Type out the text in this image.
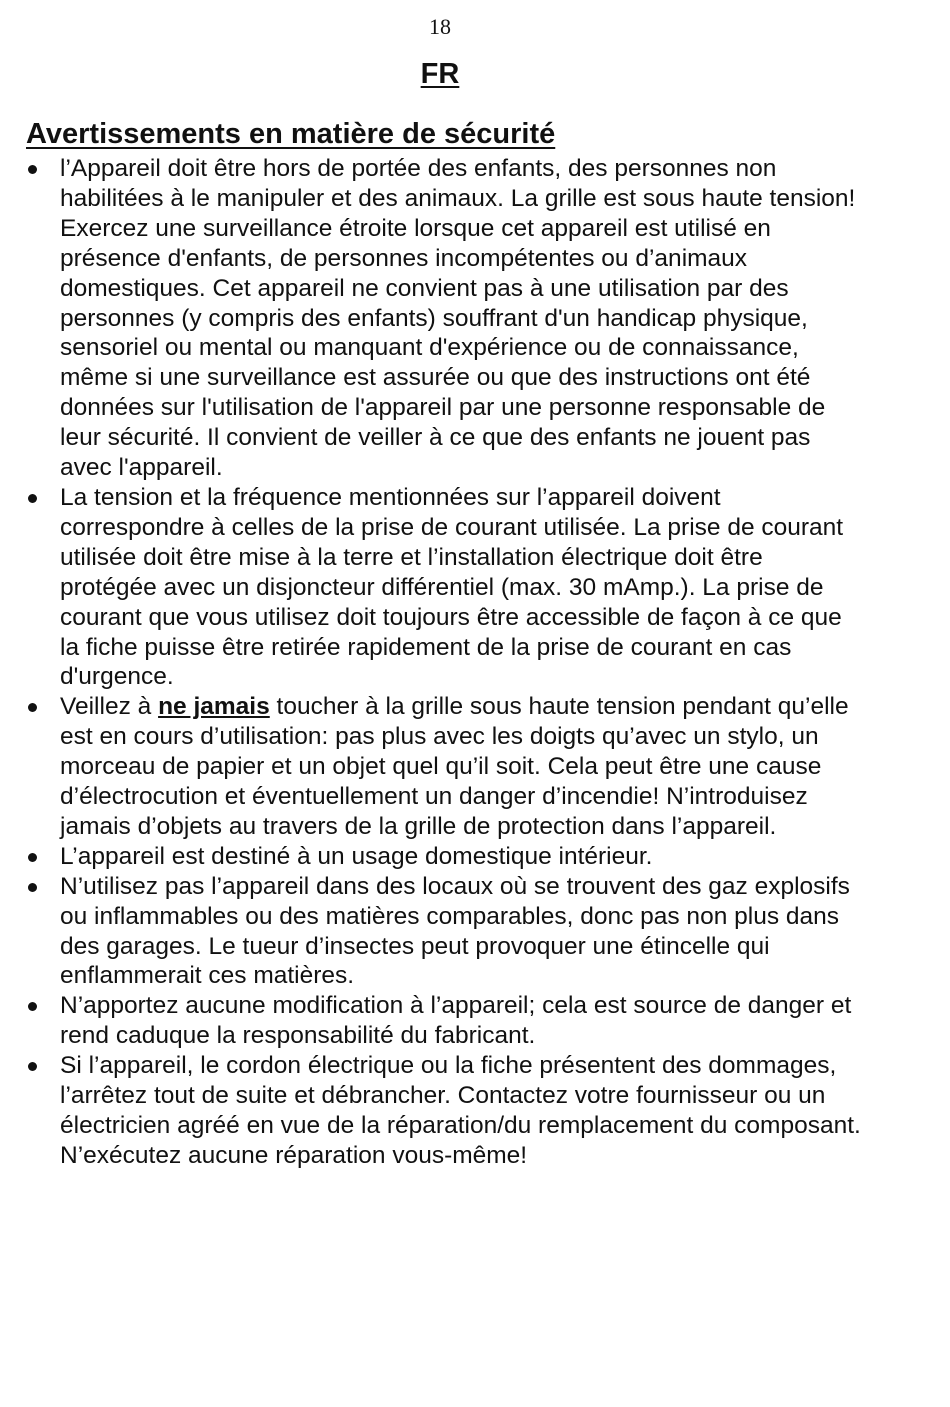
18
FR
Avertissements en matière de sécurité
l’Appareil doit être hors de portée des enfants, des personnes non habilitées à le manipuler et des animaux. La grille est sous haute tension! Exercez une surveillance étroite lorsque cet appareil est utilisé en présence d'enfants, de personnes incompétentes ou d’animaux domestiques. Cet appareil ne convient pas à une utilisation par des personnes (y compris des enfants) souffrant d'un handicap physique, sensoriel ou mental ou manquant d'expérience ou de connaissance, même si une surveillance est assurée ou que des instructions ont été données sur l'utilisation de l'appareil par une personne responsable de leur sécurité. Il convient de veiller à ce que des enfants ne jouent pas avec l'appareil.
La tension et la fréquence mentionnées sur l’appareil doivent correspondre à celles de la prise de courant utilisée. La prise de courant utilisée doit être mise à la terre et l’installation électrique doit être protégée avec un disjoncteur différentiel (max. 30 mAmp.). La prise de courant que vous utilisez doit toujours être accessible de façon à ce que la fiche puisse être retirée rapidement de la prise de courant en cas d'urgence.
Veillez à ne jamais toucher à la grille sous haute tension pendant qu’elle est en cours d’utilisation: pas plus avec les doigts qu’avec un stylo, un morceau de papier et un objet quel qu’il soit. Cela peut être une cause d’électrocution et éventuellement un danger d’incendie! N’introduisez jamais d’objets au travers de la grille de protection dans l’appareil.
L’appareil est destiné à un usage domestique intérieur.
N’utilisez pas l’appareil dans des locaux où se trouvent des gaz explosifs ou inflammables ou des matières comparables, donc pas non plus dans des garages. Le tueur d’insectes peut provoquer une étincelle qui enflammerait ces matières.
N’apportez aucune modification à l’appareil; cela est source de danger et rend caduque la responsabilité du fabricant.
Si l’appareil, le cordon électrique ou la fiche présentent des dommages, l’arrêtez tout de suite et débrancher. Contactez votre fournisseur ou un électricien agréé en vue de la réparation/du remplacement du composant. N’exécutez aucune réparation vous-même!
